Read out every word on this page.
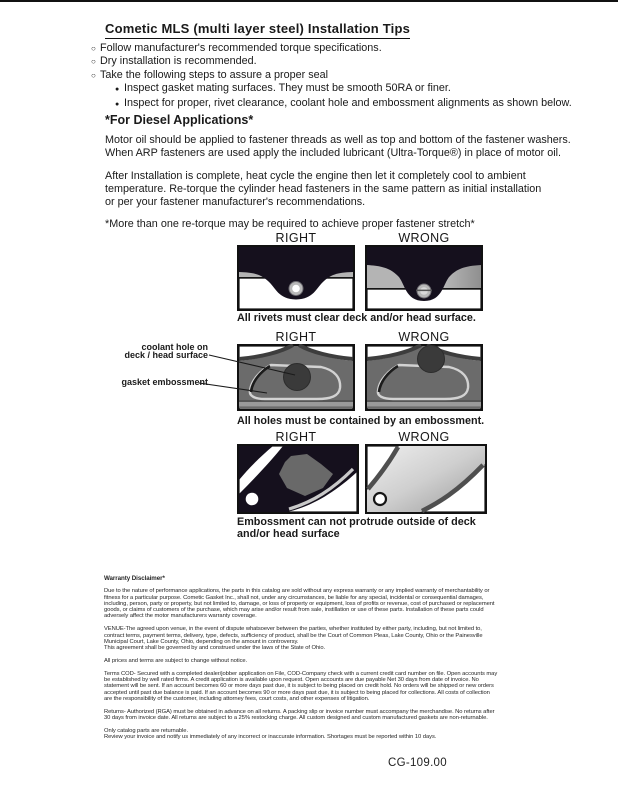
Cometic MLS (multi layer steel) Installation Tips
○
Follow manufacturer's recommended torque specifications.
○
Dry installation is recommended.
○
Take the following steps to assure a proper seal
●
Inspect gasket mating surfaces. They must be smooth 50RA or finer.
●
Inspect for proper, rivet clearance, coolant hole and embossment alignments as shown below.
*For Diesel Applications*
Motor oil should be applied to fastener threads as well as top and bottom of the fastener washers.
When ARP fasteners are used apply the included lubricant (Ultra-Torque®) in place of motor oil.
After Installation is complete, heat cycle the engine then let it completely cool to ambient
temperature. Re-torque the cylinder head fasteners in the same pattern as initial installation
or per your fastener manufacturer's recommendations.
*More than one re-torque may be required to achieve proper fastener stretch*
RIGHT	WRONG
All rivets must clear deck and/or head surface.
RIGHT	WRONG
coolant hole on
deck / head surface
gasket embossment
All holes must be contained by an embossment.
RIGHT	WRONG
Embossment can not protrude outside of deck
and/or head surface
Warranty Disclaimer*
Due to the nature of performance applications, the parts in this catalog are sold without any express warranty or any implied warranty of merchantability or
fitness for a particular purpose. Cometic Gasket Inc., shall not, under any circumstances, be liable for any special, incidental or consequential damages,
including, person, party or property, but not limited to, damage, or loss of property or equipment, loss of profits or revenue, cost of purchased or replacement
goods, or claims of customers of the purchase, which may arise and/or result from sale, instillation or use of these parts. Installation of these parts could
adversely affect the motor manufacturers warranty coverage.
VENUE-The agreed upon venue, in the event of dispute whatsoever between the parties, whether instituted by either party, including, but not limited to,
contract terms, payment terms, delivery, type, defects, sufficiency of product, shall be the Court of Common Pleas, Lake County, Ohio or the Painesville
Municipal Court, Lake County, Ohio, depending on the amount in controversy.
This agreement shall be governed by and construed under the laws of the State of Ohio.
All prices and terms are subject to change without notice.
Terms COD- Secured with a completed dealer/jobber application on File, COD-Company check with a current credit card number on file. Open accounts may
be established by well rated firms. A credit application is available upon request. Open accounts are due payable Net 30 days from date of invoice. No
statement will be sent. If an account becomes 60 or more days past due, it is subject to being placed on credit hold. No orders will be shipped or new orders
accepted until past due balance is paid. If an account becomes 90 or more days past due, it is subject to being placed for collections. All costs of collection
are the responsibility of the customer, including attorney fees, court costs, and other expenses of litigation.
Returns- Authorized (RGA) must be obtained in advance on all returns. A packing slip or invoice number must accompany the merchandise. No returns after
30 days from invoice date. All returns are subject to a 25% restocking charge. All custom designed and custom manufactured gaskets are non-returnable.
Only catalog parts are returnable.
Review your invoice and notify us immediately of any incorrect or inaccurate information. Shortages must be reported within 10 days.
CG-109.00
